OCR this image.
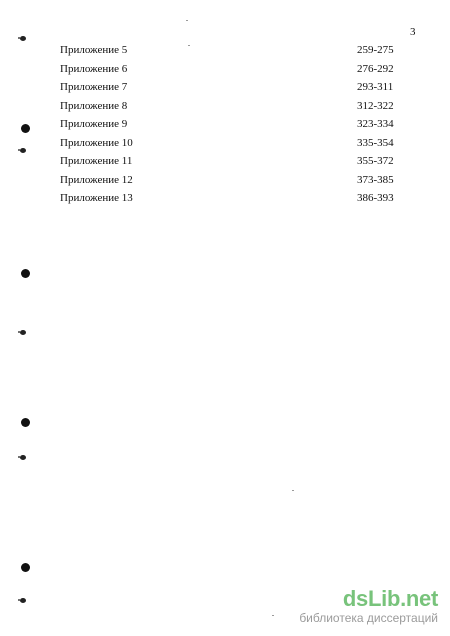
3
Приложение 5	259-275
Приложение 6	276-292
Приложение 7	293-311
Приложение 8	312-322
Приложение 9	323-334
Приложение 10	335-354
Приложение 11	355-372
Приложение 12	373-385
Приложение 13	386-393
dsLib.net
библиотека диссертаций
